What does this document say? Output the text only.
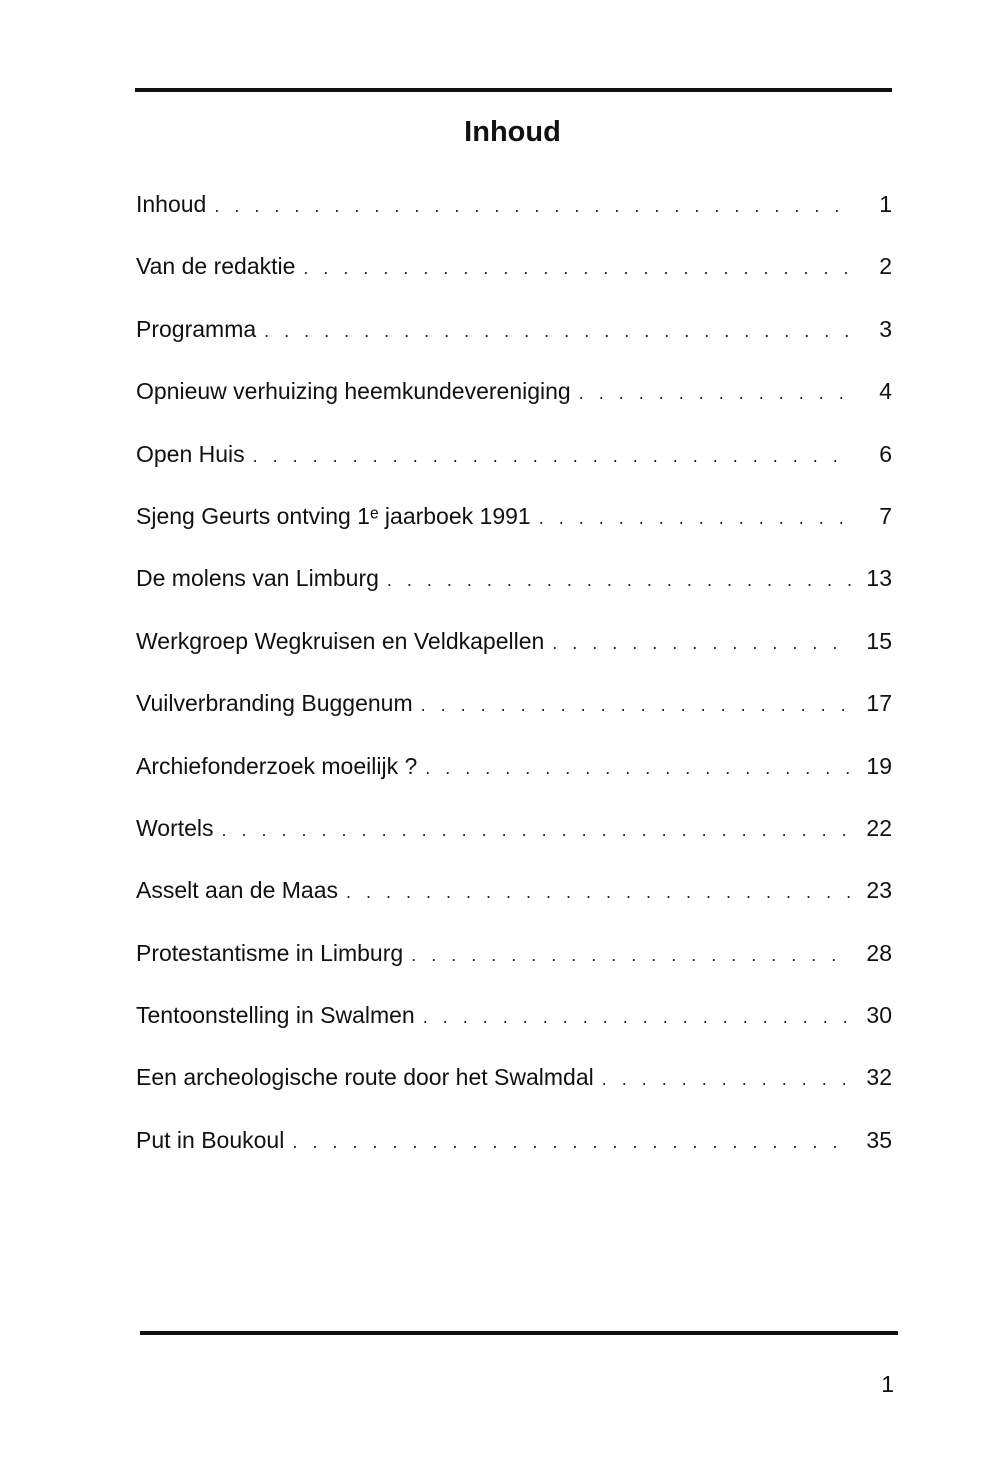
Inhoud
Inhoud . . .	1
Van de redaktie . . .	2
Programma . . .	3
Opnieuw verhuizing heemkundevereniging . . .	4
Open Huis . . .	6
Sjeng Geurts ontving 1ᵉ jaarboek 1991 . . .	7
De molens van Limburg . . .	13
Werkgroep Wegkruisen en Veldkapellen . . .	15
Vuilverbranding Buggenum . . .	17
Archiefonderzoek moeilijk ? . . .	19
Wortels . . .	22
Asselt aan de Maas . . .	23
Protestantisme in Limburg . . .	28
Tentoonstelling in Swalmen . . .	30
Een archeologische route door het Swalmdal . . .	32
Put in Boukoul . . .	35
1
